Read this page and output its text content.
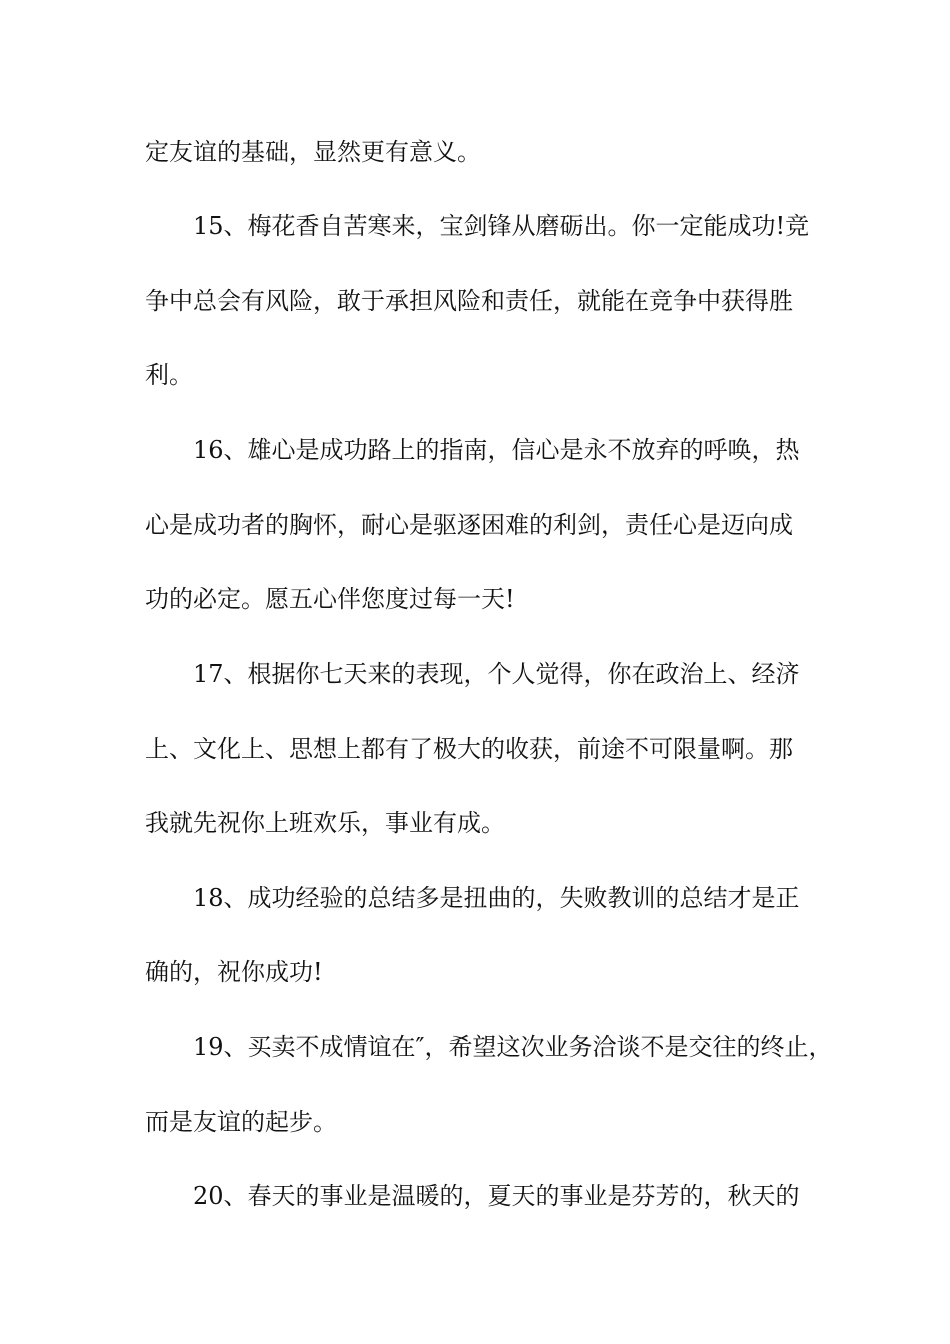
定友谊的基础，显然更有意义。
15、梅花香自苦寒来，宝剑锋从磨砺出。你一定能成功!竞
争中总会有风险，敢于承担风险和责任，就能在竞争中获得胜
利。
16、雄心是成功路上的指南，信心是永不放弃的呼唤，热
心是成功者的胸怀，耐心是驱逐困难的利剑，责任心是迈向成
功的必定。愿五心伴您度过每一天!
17、根据你七天来的表现，个人觉得，你在政治上、经济
上、文化上、思想上都有了极大的收获，前途不可限量啊。那
我就先祝你上班欢乐，事业有成。
18、成功经验的总结多是扭曲的，失败教训的总结才是正
确的，祝你成功!
19、买卖不成情谊在″，希望这次业务洽谈不是交往的终止，
而是友谊的起步。
20、春天的事业是温暖的，夏天的事业是芬芳的，秋天的
